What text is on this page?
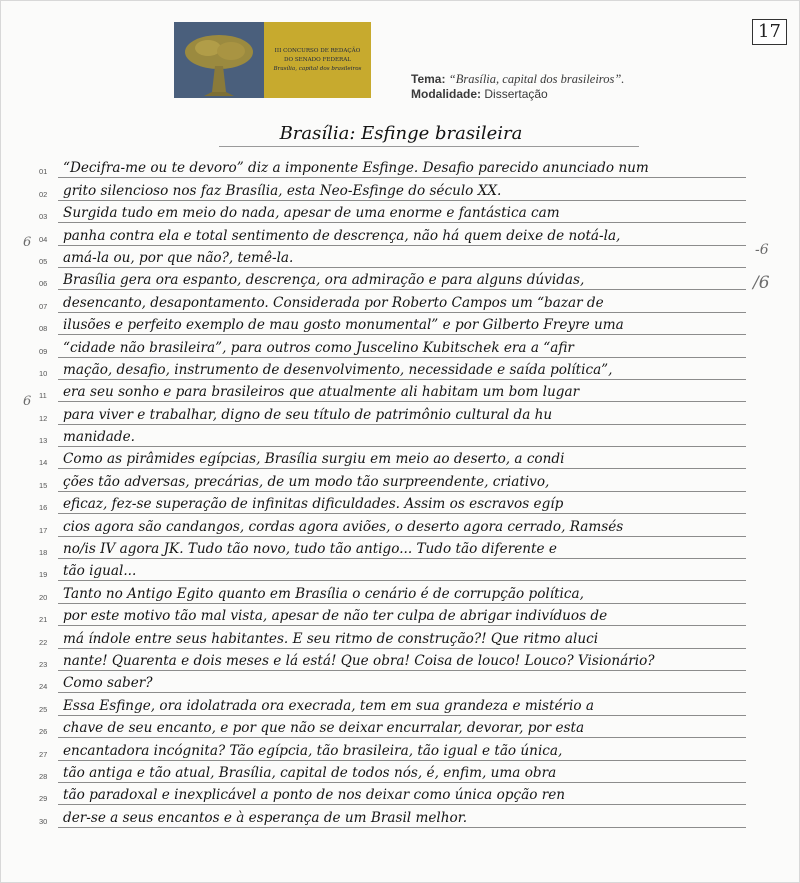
17
III CONCURSO DE REDAÇÃO
DO SENADO FEDERAL
Brasília, capital dos brasileiros
Tema: “Brasília, capital dos brasileiros”.
Modalidade: Dissertação
Brasília: Esfinge brasileira
01 “Decifra-me ou te devoro” diz a imponente Esfinge. Desafio parecido anunciado num
02 grito silencioso nos faz Brasília, esta Neo-Esfinge do século XX.
03 Surgida tudo em meio do nada, apesar de uma enorme e fantástica cam
04 panha contra ela e total sentimento de descrença, não há quem deixe de notá-la,
05 amá-la ou, por que não?, temê-la.
06 Brasília gera ora espanto, descrença, ora admiração e para alguns dúvidas,
07 desencanto, desapontamento. Considerada por Roberto Campos um “bazar de
08 ilusões e perfeito exemplo de mau gosto monumental” e por Gilberto Freyre uma
09 “cidade não brasileira”, para outros como Juscelino Kubitschek era a “afir
10 mação, desafio, instrumento de desenvolvimento, necessidade e saída política”,
11 era seu sonho e para brasileiros que atualmente ali habitam um bom lugar
12 para viver e trabalhar, digno de seu título de patrimônio cultural da hu
13 manidade.
14 Como as pirâmides egípcias, Brasília surgiu em meio ao deserto, a condi
15 ções tão adversas, precárias, de um modo tão surpreendente, criativo,
16 eficaz, fez-se superação de infinitas dificuldades. Assim os escravos egíp
17 cios agora são candangos, cordas agora aviões, o deserto agora cerrado, Ramsés
18 no/is IV agora JK. Tudo tão novo, tudo tão antigo... Tudo tão diferente e
19 tão igual...
20 Tanto no Antigo Egito quanto em Brasília o cenário é de corrupção política,
21 por este motivo tão mal vista, apesar de não ter culpa de abrigar indivíduos de
22 má índole entre seus habitantes. E seu ritmo de construção?! Que ritmo aluci
23 nante! Quarenta e dois meses e lá está! Que obra! Coisa de louco! Louco? Visionário?
24 Como saber?
25 Essa Esfinge, ora idolatrada ora execrada, tem em sua grandeza e mistério a
26 chave de seu encanto, e por que não se deixar encurralar, devorar, por esta
27 encantadora incógnita? Tão egípcia, tão brasileira, tão igual e tão única,
28 tão antiga e tão atual, Brasília, capital de todos nós, é, enfim, uma obra
29 tão paradoxal e inexplicável a ponto de nos deixar como única opção ren
30 der-se a seus encantos e à esperança de um Brasil melhor.
6	-6
/6
6
